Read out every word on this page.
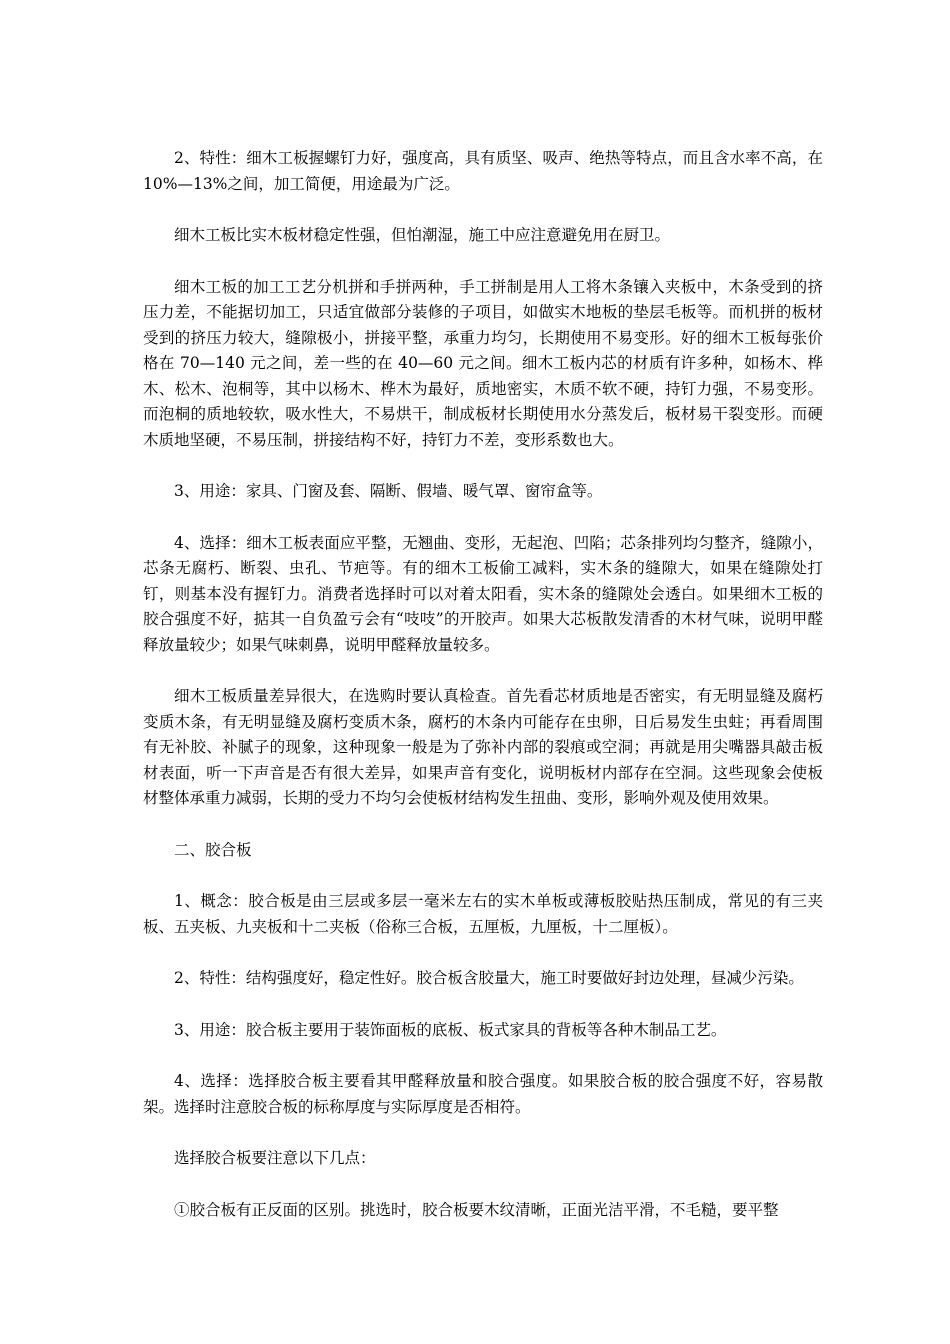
2、特性：细木工板握螺钉力好，强度高，具有质坚、吸声、绝热等特点，而且含水率不高，在 10%—13%之间，加工简便，用途最为广泛。

细木工板比实木板材稳定性强，但怕潮湿，施工中应注意避免用在厨卫。

细木工板的加工工艺分机拼和手拼两种，手工拼制是用人工将木条镶入夹板中，木条受到的挤压力差，不能据切加工，只适宜做部分装修的子项目，如做实木地板的垫层毛板等。而机拼的板材受到的挤压力较大，缝隙极小，拼接平整，承重力均匀，长期使用不易变形。好的细木工板每张价格在 70—140 元之间，差一些的在 40—60 元之间。细木工板内芯的材质有许多种，如杨木、桦木、松木、泡桐等，其中以杨木、桦木为最好，质地密实，木质不软不硬，持钉力强，不易变形。而泡桐的质地较软，吸水性大，不易烘干，制成板材长期使用水分蒸发后，板材易干裂变形。而硬木质地坚硬，不易压制，拼接结构不好，持钉力不差，变形系数也大。

3、用途：家具、门窗及套、隔断、假墙、暖气罩、窗帘盒等。

4、选择：细木工板表面应平整，无翘曲、变形，无起泡、凹陷；芯条排列均匀整齐，缝隙小，芯条无腐朽、断裂、虫孔、节疤等。有的细木工板偷工减料，实木条的缝隙大，如果在缝隙处打钉，则基本没有握钉力。消费者选择时可以对着太阳看，实木条的缝隙处会透白。如果细木工板的胶合强度不好，掂其一自负盈亏会有“吱吱”的开胶声。如果大芯板散发清香的木材气味，说明甲醛释放量较少；如果气味刺鼻，说明甲醛释放量较多。

细木工板质量差异很大，在选购时要认真检查。首先看芯材质地是否密实，有无明显缝及腐朽变质木条，有无明显缝及腐朽变质木条，腐朽的木条内可能存在虫卵，日后易发生虫蛀；再看周围有无补胶、补腻子的现象，这种现象一般是为了弥补内部的裂痕或空洞；再就是用尖嘴器具敲击板材表面，听一下声音是否有很大差异，如果声音有变化，说明板材内部存在空洞。这些现象会使板材整体承重力减弱，长期的受力不均匀会使板材结构发生扭曲、变形，影响外观及使用效果。

二、胶合板

1、概念：胶合板是由三层或多层一毫米左右的实木单板或薄板胶贴热压制成，常见的有三夹板、五夹板、九夹板和十二夹板（俗称三合板，五厘板，九厘板，十二厘板）。

2、特性：结构强度好，稳定性好。胶合板含胶量大，施工时要做好封边处理，昼减少污染。

3、用途：胶合板主要用于装饰面板的底板、板式家具的背板等各种木制品工艺。

4、选择：选择胶合板主要看其甲醛释放量和胶合强度。如果胶合板的胶合强度不好，容易散架。选择时注意胶合板的标称厚度与实际厚度是否相符。

选择胶合板要注意以下几点：

①胶合板有正反面的区别。挑选时，胶合板要木纹清晰，正面光洁平滑，不毛糙，要平整
